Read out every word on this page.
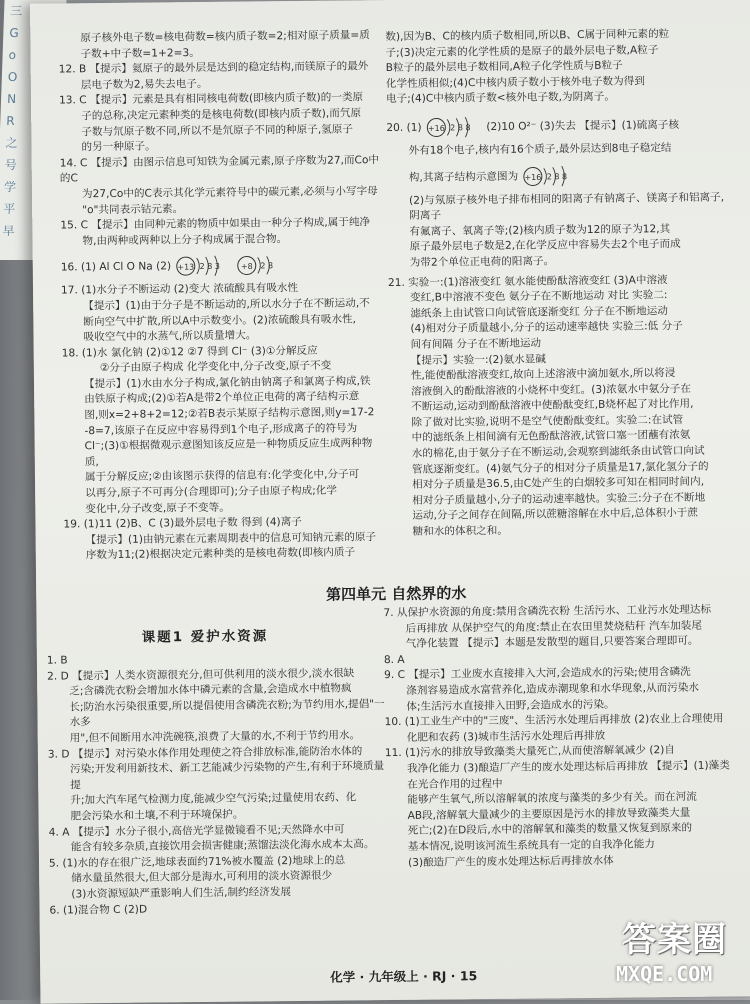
三
G
o
O
N
R
之
号
学
平
早

原子核外电子数=核电荷数=核内质子数=2;相对原子质量=质

子数+中子数=1+2=3。

12. B 【提示】氦原子的最外层是达到的稳定结构,而镁原子的最外

层电子数为2,易失去电子。

13. C 【提示】元素是具有相同核电荷数(即核内质子数)的一类原

子的总称,决定元素种类的是核电荷数(即核内质子数),而氕原

子数与氘原子数不同,所以不是氘原子不同的种原子,氢原子

的另一种原子。

14. C 【提示】由图示信息可知铁为金属元素,原子序数为27,而Co中的C

为27,Co中的C表示其化学元素符号中的碳元素,必须与小写字母

"o"共同表示钴元素。

15. C 【提示】由同种元素的物质中如果由一种分子构成,属于纯净

物,由两种或两种以上分子构成属于混合物。

16. (1) Al Cl O Na (2) +13 2 8 3
	+8 2 8

17. (1)水分子不断运动 (2)变大 浓硫酸具有吸水性

【提示】(1)由于分子是不断运动的,所以水分子在不断运动,不

断向空气中扩散,所以A中示数变小。(2)浓硫酸具有吸水性,

吸收空气中的水蒸气,所以质量增大。

18. (1)水 氯化钠 (2)①12 ②7 得到 Cl⁻ (3)①分解反应

②分子由原子构成 化学变化中,分子改变,原子不变

【提示】(1)水由水分子构成,氯化钠由钠离子和氯离子构成,铁

由铁原子构成;(2)①若A是带2个单位正电荷的离子结构示意

图,则x=2+8+2=12;②若B表示某原子结构示意图,则y=17-2

-8=7,该原子在反应中容易得到1个电子,形成离子的符号为

Cl⁻;(3)①根据微观示意图知该反应是一种物质反应生成两种物质,

属于分解反应;②由该图示获得的信息有:化学变化中,分子可

以再分,原子不可再分(合理即可);分子由原子构成;化学

变化中,分子改变,原子不变等。

19. (1)11 (2)B、C (3)最外层电子数 得到 (4)离子

【提示】(1)由钠元素在元素周期表中的信息可知钠元素的原子

序数为11;(2)根据决定元素种类的是核电荷数(即核内质子

数),因为B、C的核内质子数相同,所以B、C属于同种元素的粒

子;(3)决定元素的化学性质的是原子的最外层电子数,A粒子

B粒子的最外层电子数相同,A粒子化学性质与B粒子

化学性质相似;(4)C中核内质子数小于核外电子数为得到

电子;(4)C中核内质子数<核外电子数,为阴离子。

20. (1) +16 2 8 8 (2)10 O²⁻ (3)失去 【提示】(1)硫离子核

外有18个电子,核内有16个质子,最外层达到8电子稳定结

构,其离子结构示意图为 +16 2 8 8

(2)与氖原子核外电子排布相同的阳离子有钠离子、镁离子和铝离子,阴离子

有氟离子、氧离子等;(2)核内质子数为12的原子为12,其

原子最外层电子数是2,在化学反应中容易失去2个电子而成

为带2个单位正电荷的阳离子。

21. 实验一:(1)溶液变红 氨水能使酚酞溶液变红 (3)A中溶液

变红,B中溶液不变色 氨分子在不断地运动 对比 实验二:

滤纸条上由试管口向试管底逐渐变红 分子在不断地运动

(4)相对分子质量越小,分子的运动速率越快 实验三:低 分子

间有间隔 分子在不断地运动

【提示】实验一:(2)氨水显碱

性,能使酚酞溶液变红,故向上述溶液中滴加氨水,所以将浸

溶液倒入的酚酞溶液的小烧杯中变红。(3)浓氨水中氨分子在

不断运动,运动到酚酞溶液中使酚酞变红,B烧杯起了对比作用,

除了做对比实验,说明不是空气使酚酞变红。实验二:在试管

中的滤纸条上相间滴有无色酚酞溶液,试管口塞一团蘸有浓氨

水的棉花,由于氨分子在不断运动,会观察到滤纸条由试管口向试

管底逐渐变红。(4)氨气分子的相对分子质量是17,氯化氢分子的

相对分子质量是36.5,由C处产生的白烟较多可知在相同时间内,

相对分子质量越小,分子的运动速率越快。实验三:分子在不断地

运动,分子之间存在间隔,所以蔗糖溶解在水中后,总体积小于蔗

糖和水的体积之和。

第四单元 自然界的水
课题1 爱护水资源

1. B

2. D 【提示】人类水资源很充分,但可供利用的淡水很少,淡水很缺

乏;含磷洗衣粉会增加水体中磷元素的含量,会造成水中植物疯

长;防治水污染很重要,所以提倡使用含磷洗衣粉;为节约用水,提倡"一水多

用",但不间断用水冲洗碗筷,浪费了大量的水,不利于节约用水。

3. D 【提示】对污染水体作用处理使之符合排放标准,能防治水体的

污染;开发利用新技术、新工艺能减少污染物的产生,有利于环境质量提

升;加大汽车尾气检测力度,能减少空气污染;过量使用农药、化

肥会污染水和土壤,不利于环境保护。

4. A 【提示】水分子很小,高倍光学显微镜看不见;天然降水中可

能含有较多杂质,直接饮用会损害健康;蒸馏法淡化海水成本太高。

5. (1)水的存在很广泛,地球表面约71%被水覆盖 (2)地球上的总

储水量虽然很大,但大部分是海水,可利用的淡水资源很少

(3)水资源短缺严重影响人们生活,制约经济发展

6. (1)混合物 C (2)D

7. 从保护水资源的角度:禁用含磷洗衣粉 生活污水、工业污水处理达标

后再排放 从保护空气的角度:禁止在农田里焚烧秸秆 汽车加装尾

气净化装置 【提示】本题是发散型的题目,只要答案合理即可。

8. A

9. C 【提示】工业废水直接排入大河,会造成水的污染;使用含磷洗

涤剂容易造成水富营养化,造成赤潮现象和水华现象,从而污染水

体;生活污水直接排入田野,会造成水的污染。

10. (1)工业生产中的"三废"、生活污水处理后再排放 (2)农业上合理使用

化肥和农药 (3)城市生活污水处理后再排放

11. (1)污水的排放导致藻类大量死亡,从而使溶解氧减少 (2)自

我净化能力 (3)酿造厂产生的废水处理达标后再排放 【提示】(1)藻类在光合作用的过程中

能够产生氧气,所以溶解氧的浓度与藻类的多少有关。而在河流

AB段,溶解氧大量减少的主要原因是污水的排放导致藻类大量

死亡;(2)在D段后,水中的溶解氧和藻类的数量又恢复到原来的

基本情况,说明该河流生系统具有一定的自我净化能力

(3)酿造厂产生的废水处理达标后再排放水体

化学 · 九年级上 · RJ · 15
答案圈
MXQE.COM
